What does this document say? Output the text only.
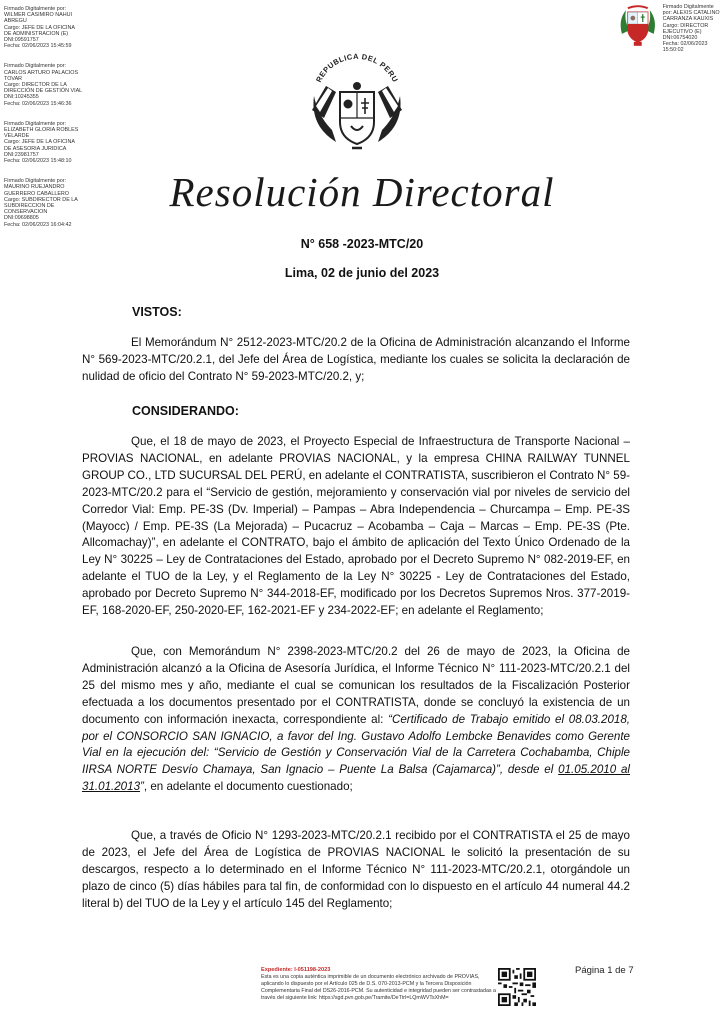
Firmado Digitalmente por:
WILMER CASIMIRO NAHUI
ABREGU
Cargo: JEFE DE LA OFICINA
DE ADMINISTRACION (E)
DNI:09591757
Fecha: 02/06/2023 15:45:59
Firmado Digitalmente por:
CARLOS ARTURO PALACIOS
TOVAR
Cargo: DIRECTOR DE LA
DIRECCIÓN DE GESTIÓN VIAL
DNI:10245355
Fecha: 02/06/2023 15:46:36
Firmado Digitalmente por:
ELIZABETH GLORIA ROBLES
VELARDE
Cargo: JEFE DE LA OFICINA
DE ASESORIA JURIDICA
DNI:23981757
Fecha: 02/06/2023 15:48:10
Firmado Digitalmente por:
MAURINO RUEJANDRO
GUERRERO CABALLERO
Cargo: SUBDIRECTOR DE LA
SUBDIRECCION DE
CONSERVACION
DNI:09698805
Fecha: 02/06/2023 16:04:42
Firmado Digitalmente
por: ALEXIS CATALINO
CARRANZA KAUXIS
Cargo: DIRECTOR
EJECUTIVO (E)
DNI:06754020
Fecha: 02/06/2023
15:50:02
REPUBLICA DEL PERU
Resolución Directoral
N° 658 -2023-MTC/20
Lima, 02 de junio del 2023
VISTOS:

El Memorándum N° 2512-2023-MTC/20.2 de la Oficina de Administración alcanzando el Informe N° 569-2023-MTC/20.2.1, del Jefe del Área de Logística, mediante los cuales se solicita la declaración de nulidad de oficio del Contrato N° 59-2023-MTC/20.2, y;

CONSIDERANDO:

Que, el 18 de mayo de 2023, el Proyecto Especial de Infraestructura de Transporte Nacional – PROVIAS NACIONAL, en adelante PROVIAS NACIONAL, y la empresa CHINA RAILWAY TUNNEL GROUP CO., LTD SUCURSAL DEL PERÚ, en adelante el CONTRATISTA, suscribieron el Contrato N° 59-2023-MTC/20.2 para el “Servicio de gestión, mejoramiento y conservación vial por niveles de servicio del Corredor Vial: Emp. PE-3S (Dv. Imperial) – Pampas – Abra Independencia – Churcampa – Emp. PE-3S (Mayocc) / Emp. PE-3S (La Mejorada) – Pucacruz – Acobamba – Caja – Marcas – Emp. PE-3S (Pte. Allcomachay)”, en adelante el CONTRATO, bajo el ámbito de aplicación del Texto Único Ordenado de la Ley N° 30225 – Ley de Contrataciones del Estado, aprobado por el Decreto Supremo N° 082-2019-EF, en adelante el TUO de la Ley, y el Reglamento de la Ley N° 30225 - Ley de Contrataciones del Estado, aprobado por Decreto Supremo N° 344-2018-EF, modificado por los Decretos Supremos Nros. 377-2019-EF, 168-2020-EF, 250-2020-EF, 162-2021-EF y 234-2022-EF; en adelante el Reglamento;

Que, con Memorándum N° 2398-2023-MTC/20.2 del 26 de mayo de 2023, la Oficina de Administración alcanzó a la Oficina de Asesoría Jurídica, el Informe Técnico N° 111-2023-MTC/20.2.1 del 25 del mismo mes y año, mediante el cual se comunican los resultados de la Fiscalización Posterior efectuada a los documentos presentado por el CONTRATISTA, donde se concluyó la existencia de un documento con información inexacta, correspondiente al: “Certificado de Trabajo emitido el 08.03.2018, por el CONSORCIO SAN IGNACIO, a favor del Ing. Gustavo Adolfo Lembcke Benavides como Gerente Vial en la ejecución del: “Servicio de Gestión y Conservación Vial de la Carretera Cochabamba, Chiple IIRSA NORTE Desvío Chamaya, San Ignacio – Puente La Balsa (Cajamarca)”, desde el 01.05.2010 al 31.01.2013”, en adelante el documento cuestionado;

Que, a través de Oficio N° 1293-2023-MTC/20.2.1 recibido por el CONTRATISTA el 25 de mayo de 2023, el Jefe del Área de Logística de PROVIAS NACIONAL le solicitó la presentación de su descargos, respecto a lo determinado en el Informe Técnico N° 111-2023-MTC/20.2.1, otorgándole un plazo de cinco (5) días hábiles para tal fin, de conformidad con lo dispuesto en el artículo 44 numeral 44.2 literal b) del TUO de la Ley y el artículo 145 del Reglamento;

Expediente: I-051198-2023
Esta es una copia auténtica imprimible de un documento electrónico archivado de PROVIAS, aplicando lo dispuesto por el Artículo 025 de D.S. 070-2013-PCM y la Tercera Disposición Complementaria Final del DS26-2016-PCM. Su autenticidad e integridad pueden ser contrastadas a través del siguiente link: https://sgd.pvn.gob.pe/Tramite/DeTtrl=LQmWVTsXhM=
Página 1 de 7
